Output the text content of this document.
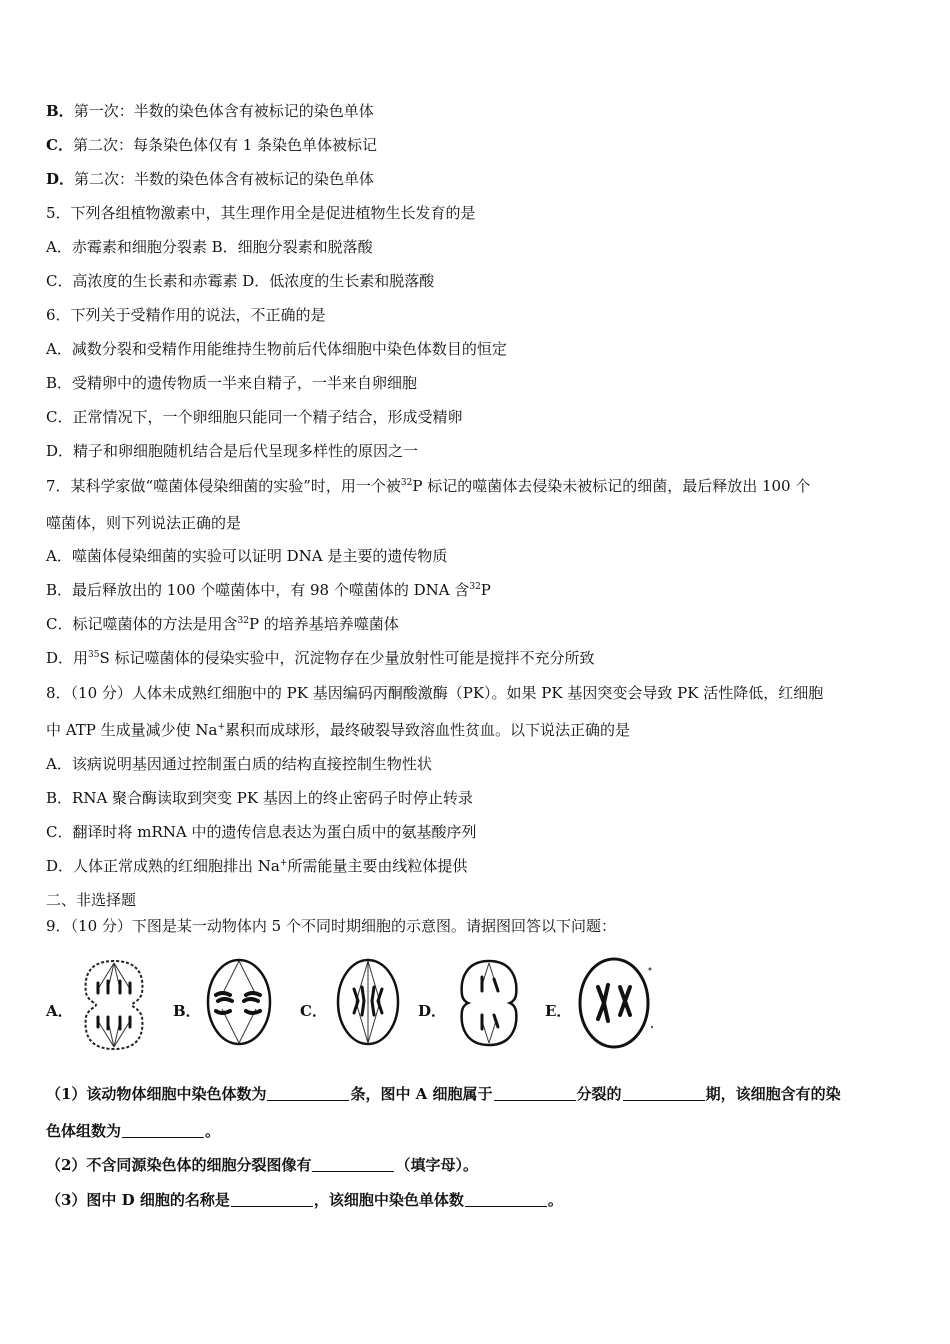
B．第一次：半数的染色体含有被标记的染色单体
C．第二次：每条染色体仅有 1 条染色单体被标记
D．第二次：半数的染色体含有被标记的染色单体
5．下列各组植物激素中，其生理作用全是促进植物生长发育的是
A．赤霉素和细胞分裂素 B．细胞分裂素和脱落酸
C．高浓度的生长素和赤霉素 D．低浓度的生长素和脱落酸
6．下列关于受精作用的说法，不正确的是
A．减数分裂和受精作用能维持生物前后代体细胞中染色体数目的恒定
B．受精卵中的遗传物质一半来自精子，一半来自卵细胞
C．正常情况下，一个卵细胞只能同一个精子结合，形成受精卵
D．精子和卵细胞随机结合是后代呈现多样性的原因之一
7．某科学家做“噬菌体侵染细菌的实验”时，用一个被$^{32}$P 标记的噬菌体去侵染未被标记的细菌，最后释放出 100 个
噬菌体，则下列说法正确的是
A．噬菌体侵染细菌的实验可以证明 DNA 是主要的遗传物质
B．最后释放出的 100 个噬菌体中，有 98 个噬菌体的 DNA 含$^{32}$P
C．标记噬菌体的方法是用含$^{32}$P 的培养基培养噬菌体
D．用$^{35}$S 标记噬菌体的侵染实验中，沉淀物存在少量放射性可能是搅拌不充分所致
8．（10 分）人体未成熟红细胞中的 PK 基因编码丙酮酸激酶（PK）。如果 PK 基因突变会导致 PK 活性降低，红细胞
中 ATP 生成量减少使 Na+累积而成球形，最终破裂导致溶血性贫血。以下说法正确的是
A．该病说明基因通过控制蛋白质的结构直接控制生物性状
B．RNA 聚合酶读取到突变 PK 基因上的终止密码子时停止转录
C．翻译时将 mRNA 中的遗传信息表达为蛋白质中的氨基酸序列
D．人体正常成熟的红细胞排出 Na+所需能量主要由线粒体提供
二、非选择题
9．（10 分）下图是某一动物体内 5 个不同时期细胞的示意图。请据图回答以下问题：
A．	B．	C．	D．	E．
（1）该动物体细胞中染色体数为	条，图中 A 细胞属于	分裂的	期，该细胞含有的染
色体组数为	。
（2）不含同源染色体的细胞分裂图像有	（填字母）。
（3）图中 D 细胞的名称是	，该细胞中染色单体数	。
